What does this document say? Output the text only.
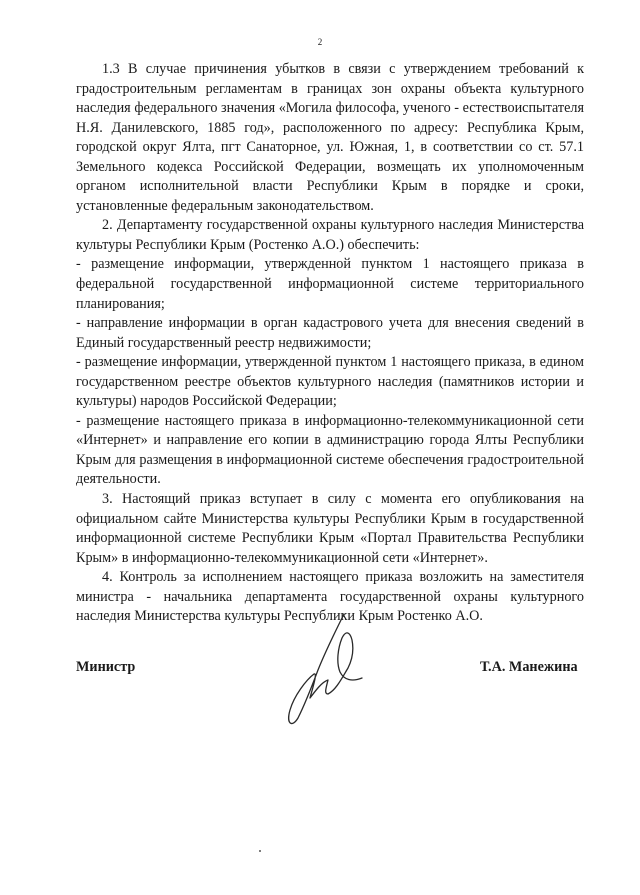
2

1.3 В случае причинения убытков в связи с утверждением требований к градостроительным регламентам в границах зон охраны объекта культурного наследия федерального значения «Могила философа, ученого - естествоиспытателя Н.Я. Данилевского, 1885 год», расположенного по адресу: Республика Крым, городской округ Ялта, пгт Санаторное, ул. Южная, 1, в соответствии со ст. 57.1 Земельного кодекса Российской Федерации, возмещать их уполномоченным органом исполнительной власти Республики Крым в порядке и сроки, установленные федеральным законодательством.

2. Департаменту государственной охраны культурного наследия Министерства культуры Республики Крым (Ростенко А.О.) обеспечить:

- размещение информации, утвержденной пунктом 1 настоящего приказа в федеральной государственной информационной системе территориального планирования;

- направление информации в орган кадастрового учета для внесения сведений в Единый государственный реестр недвижимости;

- размещение информации, утвержденной пунктом 1 настоящего приказа, в едином государственном реестре объектов культурного наследия (памятников истории и культуры) народов Российской Федерации;

- размещение настоящего приказа в информационно-телекоммуникационной сети «Интернет» и направление его копии в администрацию города Ялты Республики Крым для размещения в информационной системе обеспечения градостроительной деятельности.

3. Настоящий приказ вступает в силу с момента его опубликования на официальном сайте Министерства культуры Республики Крым в государственной информационной системе Республики Крым «Портал Правительства Республики Крым» в информационно-телекоммуникационной сети «Интернет».

4. Контроль за исполнением настоящего приказа возложить на заместителя министра - начальника департамента государственной охраны культурного наследия Министерства культуры Республики Крым Ростенко А.О.

Министр	Т.А. Манежина
